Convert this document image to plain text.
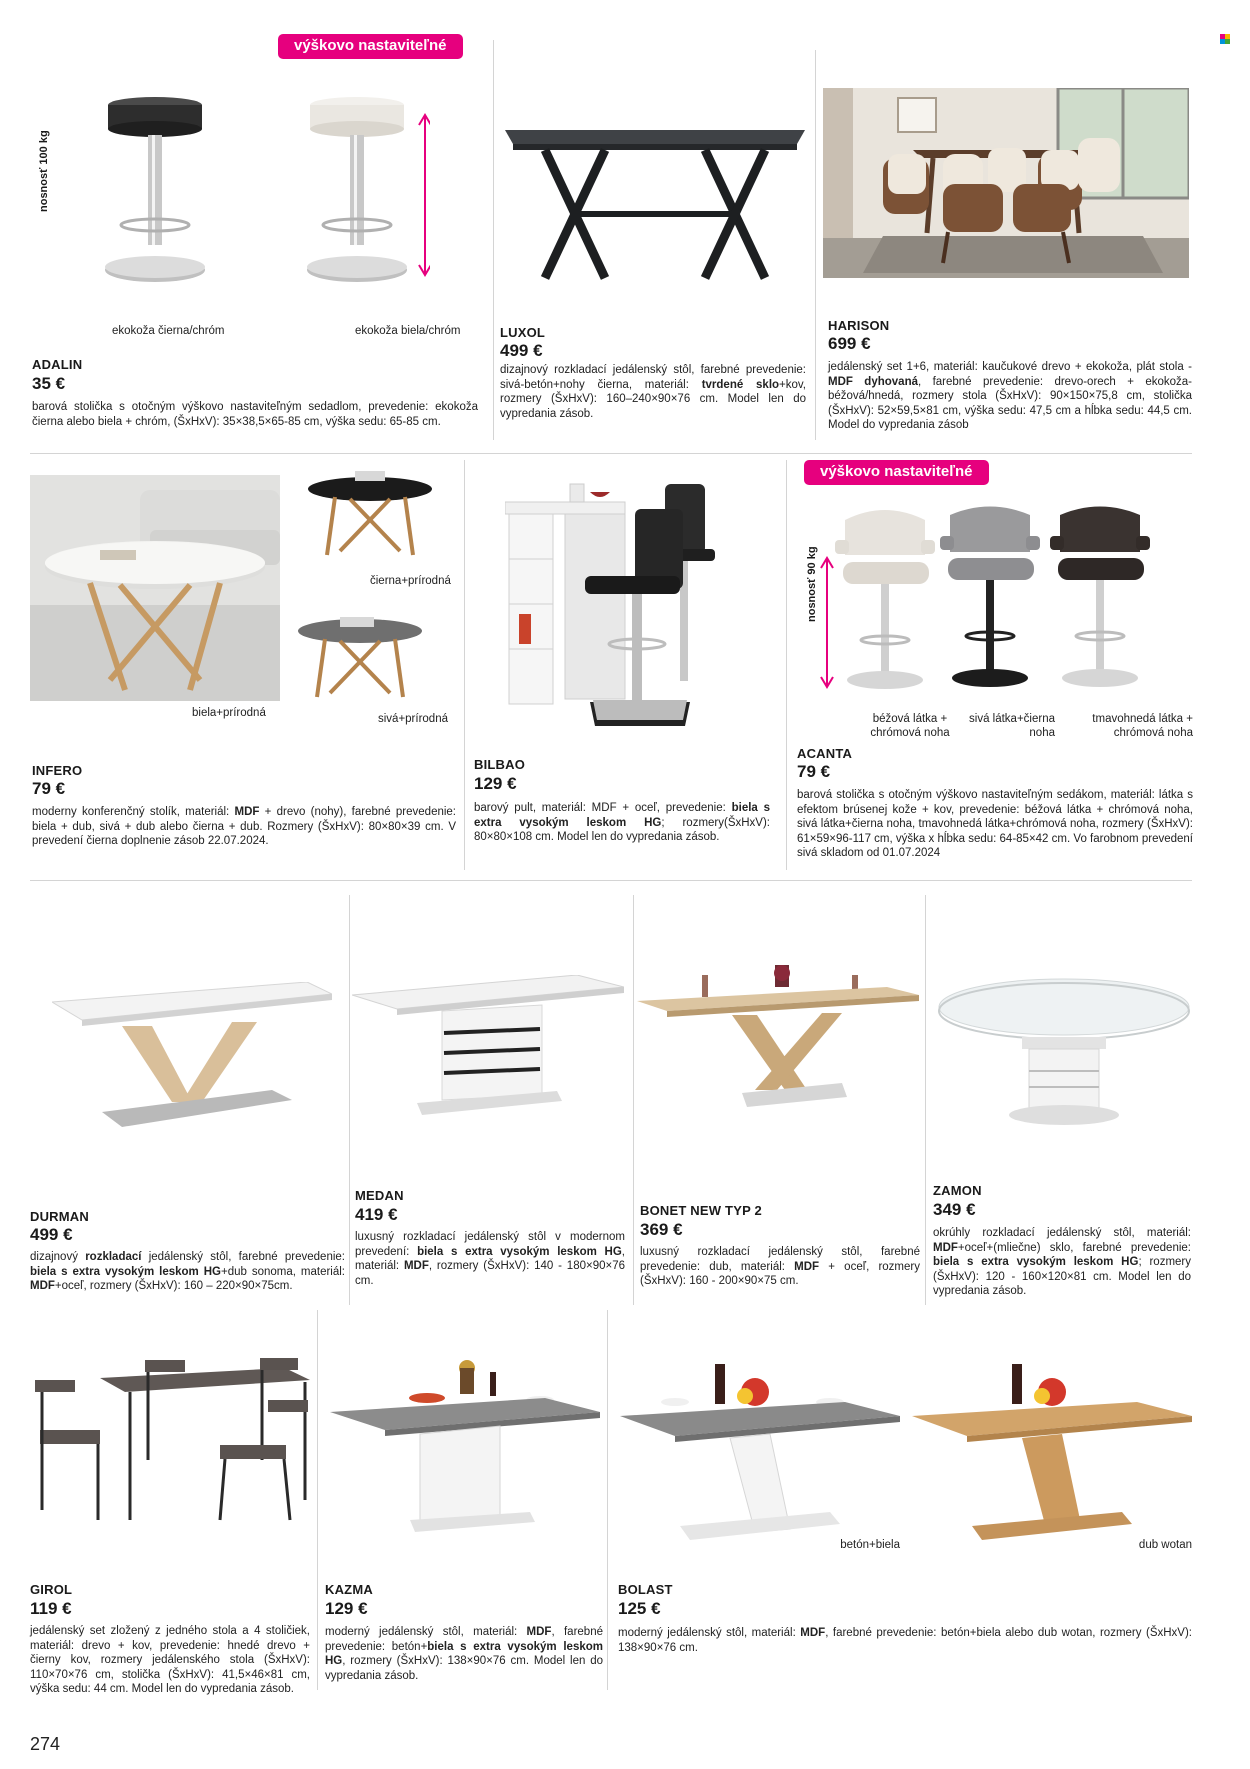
výškovo nastaviteľné
nosnosť 100 kg
ekokoža čierna/chróm	ekokoža biela/chróm
ADALIN
35 €
barová stolička s otočným výškovo nastaviteľným sedadlom, prevedenie: ekokoža čierna alebo biela + chróm, (ŠxHxV): 35×38,5×65-85 cm, výška sedu: 65-85 cm.
LUXOL
499 €
dizajnový rozkladací jedálenský stôl, farebné prevedenie: sivá-betón+nohy čierna, materiál: tvrdené sklo+kov, rozmery (ŠxHxV): 160–240×90×76 cm. Model len do vypredania zásob.
HARISON
699 €
jedálenský set 1+6, materiál: kaučukové drevo + ekokoža, plát stola - MDF dyhovaná, farebné prevedenie: drevo-orech + ekokoža-béžová/hnedá, rozmery stola (ŠxHxV): 90×150×75,8 cm, stolička (ŠxHxV): 52×59,5×81 cm, výška sedu: 47,5 cm a hĺbka sedu: 44,5 cm. Model do vypredania zásob
čierna+prírodná
biela+prírodná	sivá+prírodná
INFERO
79 €
moderny konferenčný stolík, materiál: MDF + drevo (nohy), farebné prevedenie: biela + dub, sivá + dub alebo čierna + dub. Rozmery (ŠxHxV): 80×80×39 cm. V prevedení čierna doplnenie zásob 22.07.2024.
BILBAO
129 €
barový pult, materiál: MDF + oceľ, prevedenie: biela s extra vysokým leskom HG; rozmery(ŠxHxV): 80×80×108 cm. Model len do vypredania zásob.
výškovo nastaviteľné
nosnosť 90 kg
béžová látka + chrómová noha
sivá látka+čierna noha
tmavohnedá látka + chrómová noha
ACANTA
79 €
barová stolička s otočným výškovo nastaviteľným sedákom, materiál: látka s efektom brúsenej kože + kov, prevedenie: béžová látka + chrómová noha, sivá látka+čierna noha, tmavohnedá látka+chrómová noha, rozmery (ŠxHxV): 61×59×96-117 cm, výška x hĺbka sedu: 64-85×42 cm. Vo farobnom prevedení sivá skladom od 01.07.2024
DURMAN
499 €
dizajnový rozkladací jedálenský stôl, farebné prevedenie: biela s extra vysokým leskom HG+dub sonoma, materiál: MDF+oceľ, rozmery (ŠxHxV): 160 – 220×90×75cm.
MEDAN
419 €
luxusný rozkladací jedálenský stôl v modernom prevedení: biela s extra vysokým leskom HG, materiál: MDF, rozmery (ŠxHxV): 140 - 180×90×76 cm.
BONET NEW TYP 2
369 €
luxusný rozkladací jedálenský stôl, farebné prevedenie: dub, materiál: MDF + oceľ, rozmery (ŠxHxV): 160 - 200×90×75 cm.
ZAMON
349 €
okrúhly rozkladací jedálenský stôl, materiál: MDF+oceľ+(mliečne) sklo, farebné prevedenie: biela s extra vysokým leskom HG; rozmery (ŠxHxV): 120 - 160×120×81 cm. Model len do vypredania zásob.
GIROL
119 €
jedálenský set zložený z jedného stola a 4 stoličiek, materiál: drevo + kov, prevedenie: hnedé drevo + čierny kov, rozmery jedálenského stola (ŠxHxV): 110×70×76 cm, stolička (ŠxHxV): 41,5×46×81 cm, výška sedu: 44 cm. Model len do vypredania zásob.
KAZMA
129 €
moderný jedálenský stôl, materiál: MDF, farebné prevedenie: betón+biela s extra vysokým leskom HG, rozmery (ŠxHxV): 138×90×76 cm. Model len do vypredania zásob.
betón+biela	dub wotan
BOLAST
125 €
moderný jedálenský stôl, materiál: MDF, farebné prevedenie: betón+biela alebo dub wotan, rozmery (ŠxHxV): 138×90×76 cm.
274
